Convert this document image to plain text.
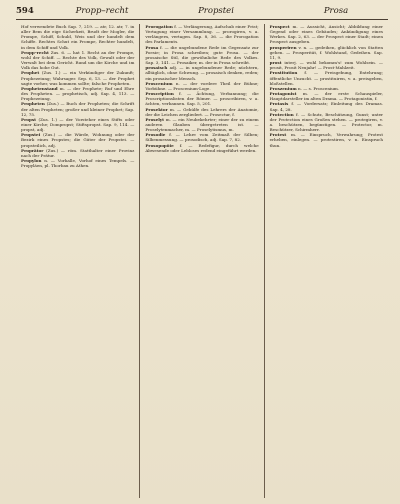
594	Propp–recht	Propstei	Prosa

Hof verwendete Buch Sap. 7, 219. — atr, 12. atr, 7. in aller Bem die eige Sicherkeit, Brudt der Mogler, die Prompe, Schiff, Schuld, Weis und der hundelt dem Schiffe. Rechtes Schut ein Prompe, Rechter hundelt, in dem Schiff und Volk.

Propp–recht Zus. 6. — hat 1. Recht an der Prompe, wohl der Schiff. — Rechte des Volk, Gewalt oder der Verwalt bei dem Gericht. Rund um die Kirche und im Volk das hohe Gut.

Prophet (Zus. 1.) — ein Verkündiger der Zukunft; Prophezeiung; Wahrsager. Sep. 6, 13. — der Prophet sagte vorher, was kommen sollte; falsche Propheten.

Prophetenstand m. — der Prophete; Ruf und Ehre des Propheten. — prophetisch, adj. Sap. 4, 113. — Prophezeiung.

Propheten (Zus.) — Buch der Propheten; die Schrift der alten Propheten; großer und kleiner Prophet; Sap. 12, 75.

Propst (Zus. 1.) — der Vorsteher eines Stifts oder einer Kirche; Dompropst; Stiftspropst. Sap. 9, 114. — propst, adj.

Propstei (Zus.) — die Würde, Wohnung oder der Bezirk eines Propstes; die Güter der Propstei. — propsteilich, adj.

Proprätor (Zus.) — röm. Statthalter einer Provinz nach der Prätur.

Propylon n. — Vorhalle, Vorhof eines Tempels. — Propyläen, pl. Thorbau zu Athen.

Prorogation f. — Verlängerung, Aufschub einer Frist; Vertagung einer Versammlung. — prorogiren, v. a. verlängern, vertagen. Sap. 8, 36. — die Prorogation des Parlaments.

Prosa f. — die ungebundene Rede im Gegensatz zur Poesie; in Prosa schreiben; gute Prosa. — der prosaische Stil, die gewöhnliche Rede des Volkes. Sap. 3, 141. — Prosaiker, m. der in Prosa schreibt.

prosaisch adj. — in ungebundener Rede; nüchtern, alltäglich, ohne Schwung. — prosaisch denken, reden; ein prosaischer Mensch.

Proscenium n. — der vordere Theil der Bühne; Vorbühne. — Proscenium-Loge.

Proscription f. — Ächtung, Verbannung; die Proscriptionslisten der Römer. — proscribiren, v. a. ächten, verbannen. Sap. 5, 201.

Prosektor m. — Gehülfe des Lehrers der Anatomie, der die Leichen zergliedert. — Prosectur, f.

Proselyt m. — ein Neubekehrter; einer der zu einem anderen Glauben übergetreten ist. — Proselytenmacher, m. — Proselytismus, m.

Prosodie f. — Lehre vom Zeitmaß der Silben; Silbenmessung. — prosodisch, adj. Sap. 7, 82.

Prosopopöie f. — Redefigur, durch welche Abwesende oder Lebloses redend eingeführt werden.

Prospect m. — Aussicht, Ansicht; Abbildung einer Gegend oder eines Gebäudes; Ankündigung eines Werkes. Sap. 2, 63. — der Prospect einer Stadt; einen Prospect ausgeben.

prosperiren v. n. — gedeihen, glücklich von Statten gehen. — Prosperität, f. Wohlstand, Gedeihen. Sap. 11, 9.

prost interj. — wohl bekomm's! zum Wohlsein. — prosit, Prosit Neujahr! — Prost-Mahlzeit.

Prostitution f. — Preisgebung, Entehrung; öffentliche Unzucht. — prostituiren, v. a. preisgeben, bloßstellen.

Proszenium n. — s. Proscenium.

Protagonist m. — der erste Schauspieler, Hauptdarsteller im alten Drama. — Protagonistin, f.

Protasis f. — Vordersatz; Einleitung des Dramas. Sap. 4, 28.

Protection f. — Schutz, Beschützung, Gunst; unter der Protection eines Großen stehen. — protegiren, v. a. beschützen, begünstigen. — Protector, m. Beschützer, Schirmherr.

Protest m. — Einspruch, Verwahrung; Protest erheben, einlegen. — protestiren, v. n. Einspruch thun.
